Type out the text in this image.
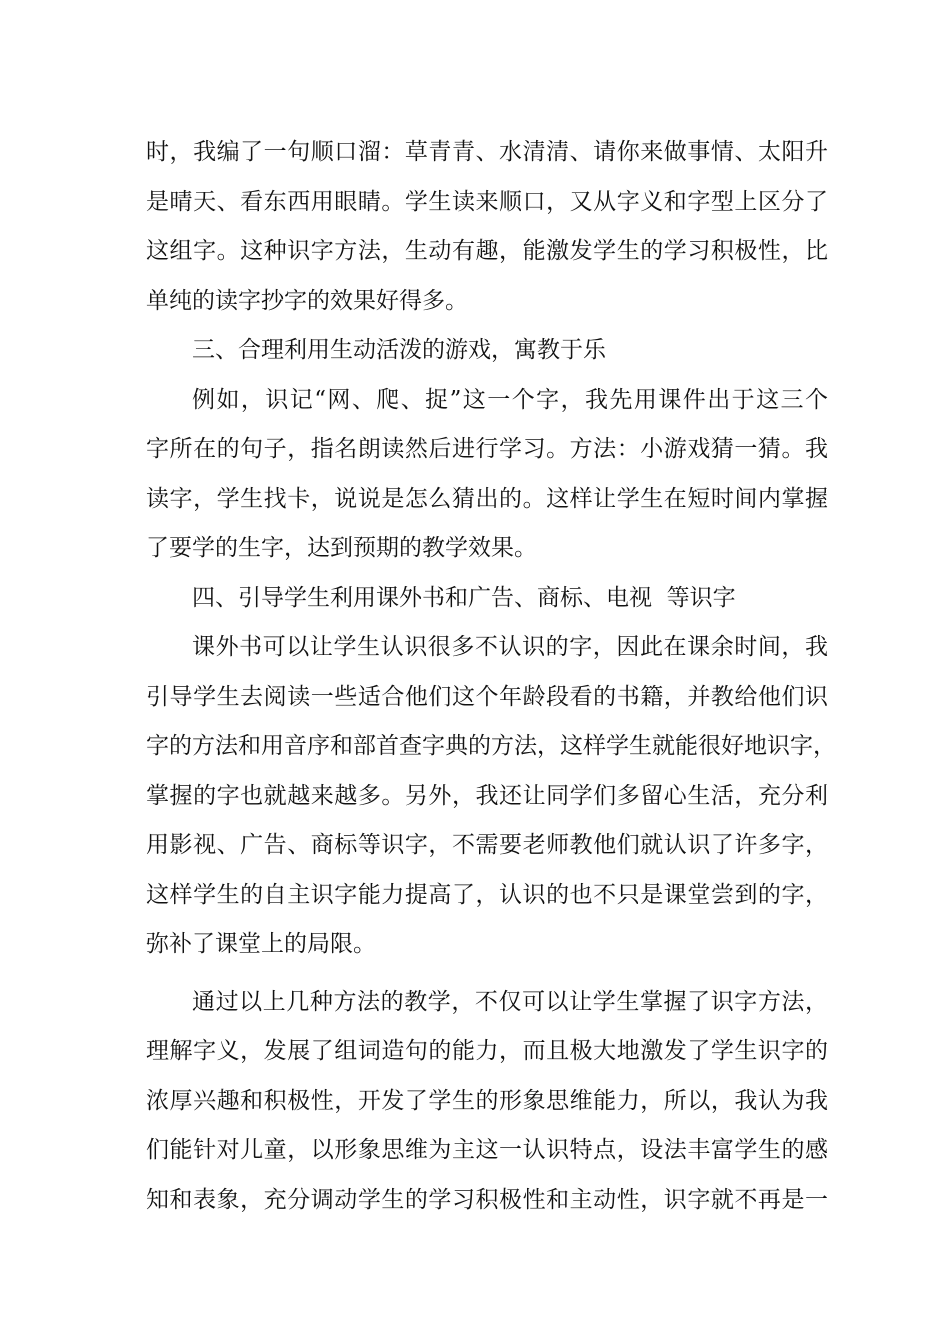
时，我编了一句顺口溜：草青青、水清清、请你来做事情、太阳升
是晴天、看东西用眼睛。学生读来顺口，又从字义和字型上区分了
这组字。这种识字方法，生动有趣，能激发学生的学习积极性，比
单纯的读字抄字的效果好得多。
三、合理利用生动活泼的游戏，寓教于乐
例如，识记“网、爬、捉”这一个字，我先用课件出于这三个
字所在的句子，指名朗读然后进行学习。方法：小游戏猜一猜。我
读字，学生找卡，说说是怎么猜出的。这样让学生在短时间内掌握
了要学的生字，达到预期的教学效果。
四、引导学生利用课外书和广告、商标、电视  等识字
课外书可以让学生认识很多不认识的字，因此在课余时间，我
引导学生去阅读一些适合他们这个年龄段看的书籍，并教给他们识
字的方法和用音序和部首查字典的方法，这样学生就能很好地识字，
掌握的字也就越来越多。另外，我还让同学们多留心生活，充分利
用影视、广告、商标等识字，不需要老师教他们就认识了许多字，
这样学生的自主识字能力提高了，认识的也不只是课堂尝到的字，
弥补了课堂上的局限。
通过以上几种方法的教学，不仅可以让学生掌握了识字方法，
理解字义，发展了组词造句的能力，而且极大地激发了学生识字的
浓厚兴趣和积极性，开发了学生的形象思维能力，所以，我认为我
们能针对儿童，以形象思维为主这一认识特点，设法丰富学生的感
知和表象，充分调动学生的学习积极性和主动性，识字就不再是一
